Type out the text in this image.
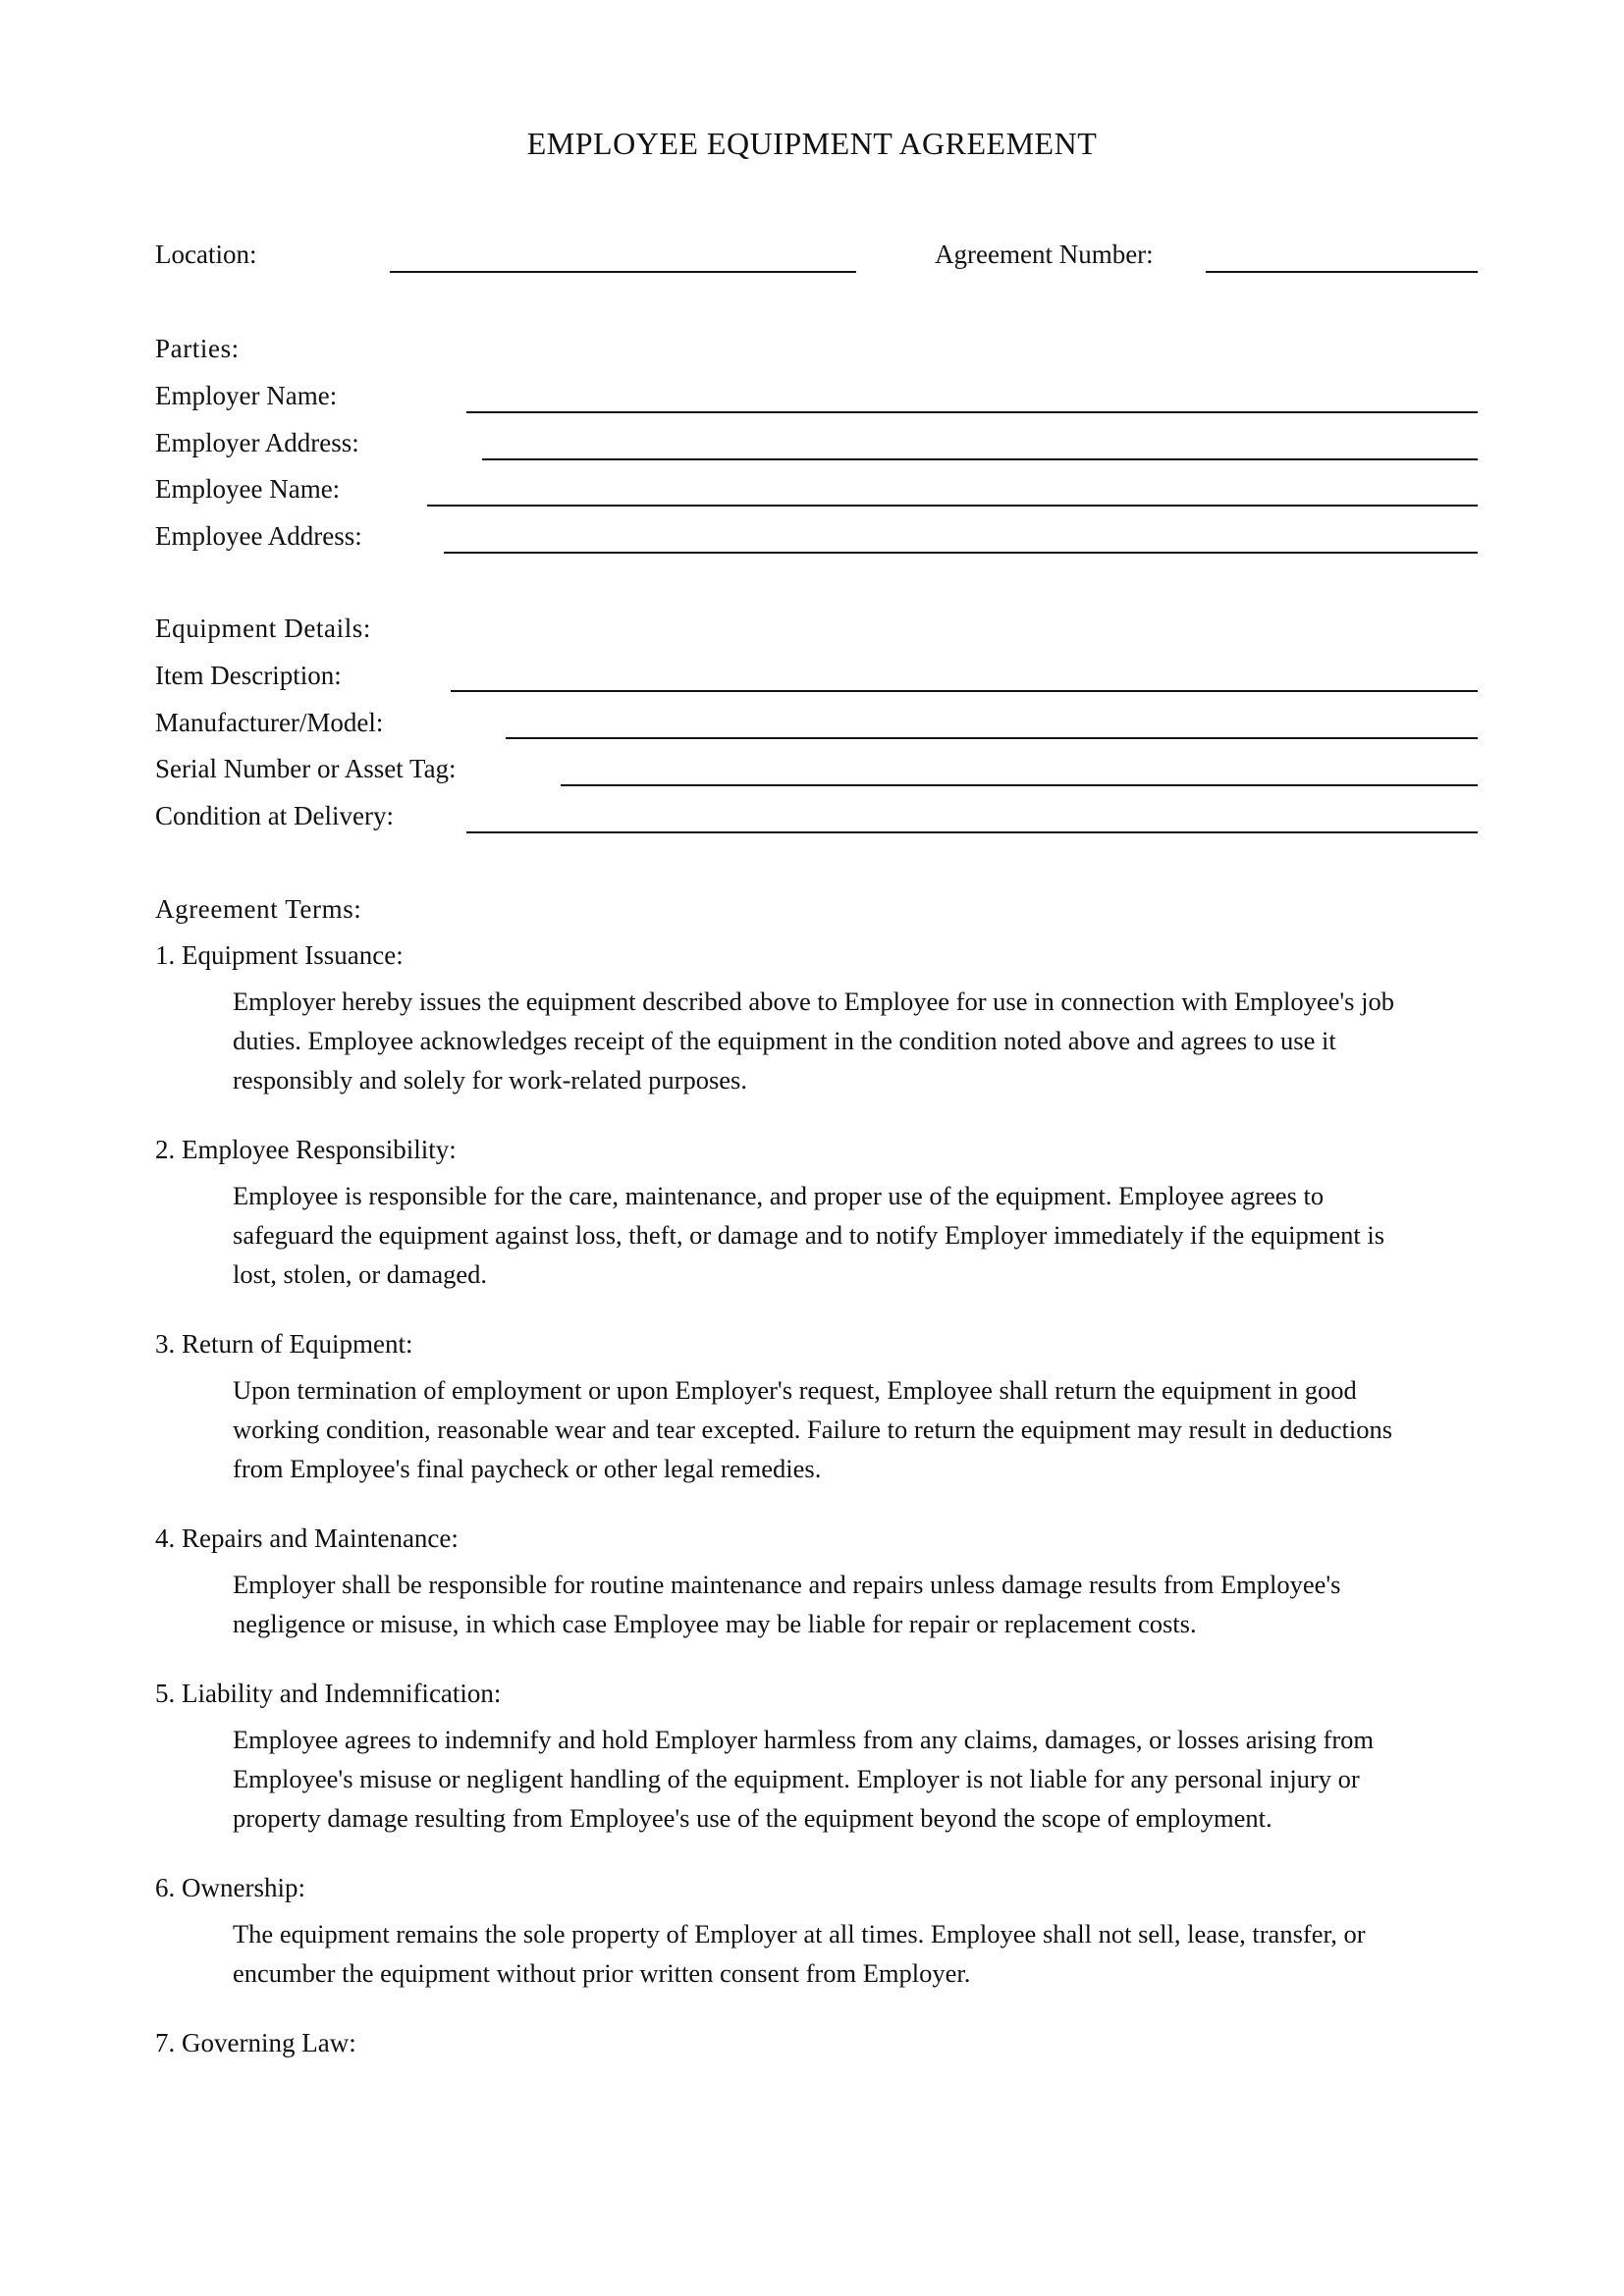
EMPLOYEE EQUIPMENT AGREEMENT
Location:	Agreement Number:
Parties:
Employer Name:
Employer Address:
Employee Name:
Employee Address:
Equipment Details:
Item Description:
Manufacturer/Model:
Serial Number or Asset Tag:
Condition at Delivery:
Agreement Terms:
1. Equipment Issuance:
Employer hereby issues the equipment described above to Employee for use in connection with Employee's job
duties. Employee acknowledges receipt of the equipment in the condition noted above and agrees to use it
responsibly and solely for work-related purposes.
2. Employee Responsibility:
Employee is responsible for the care, maintenance, and proper use of the equipment. Employee agrees to
safeguard the equipment against loss, theft, or damage and to notify Employer immediately if the equipment is
lost, stolen, or damaged.
3. Return of Equipment:
Upon termination of employment or upon Employer's request, Employee shall return the equipment in good
working condition, reasonable wear and tear excepted. Failure to return the equipment may result in deductions
from Employee's final paycheck or other legal remedies.
4. Repairs and Maintenance:
Employer shall be responsible for routine maintenance and repairs unless damage results from Employee's
negligence or misuse, in which case Employee may be liable for repair or replacement costs.
5. Liability and Indemnification:
Employee agrees to indemnify and hold Employer harmless from any claims, damages, or losses arising from
Employee's misuse or negligent handling of the equipment. Employer is not liable for any personal injury or
property damage resulting from Employee's use of the equipment beyond the scope of employment.
6. Ownership:
The equipment remains the sole property of Employer at all times. Employee shall not sell, lease, transfer, or
encumber the equipment without prior written consent from Employer.
7. Governing Law:
